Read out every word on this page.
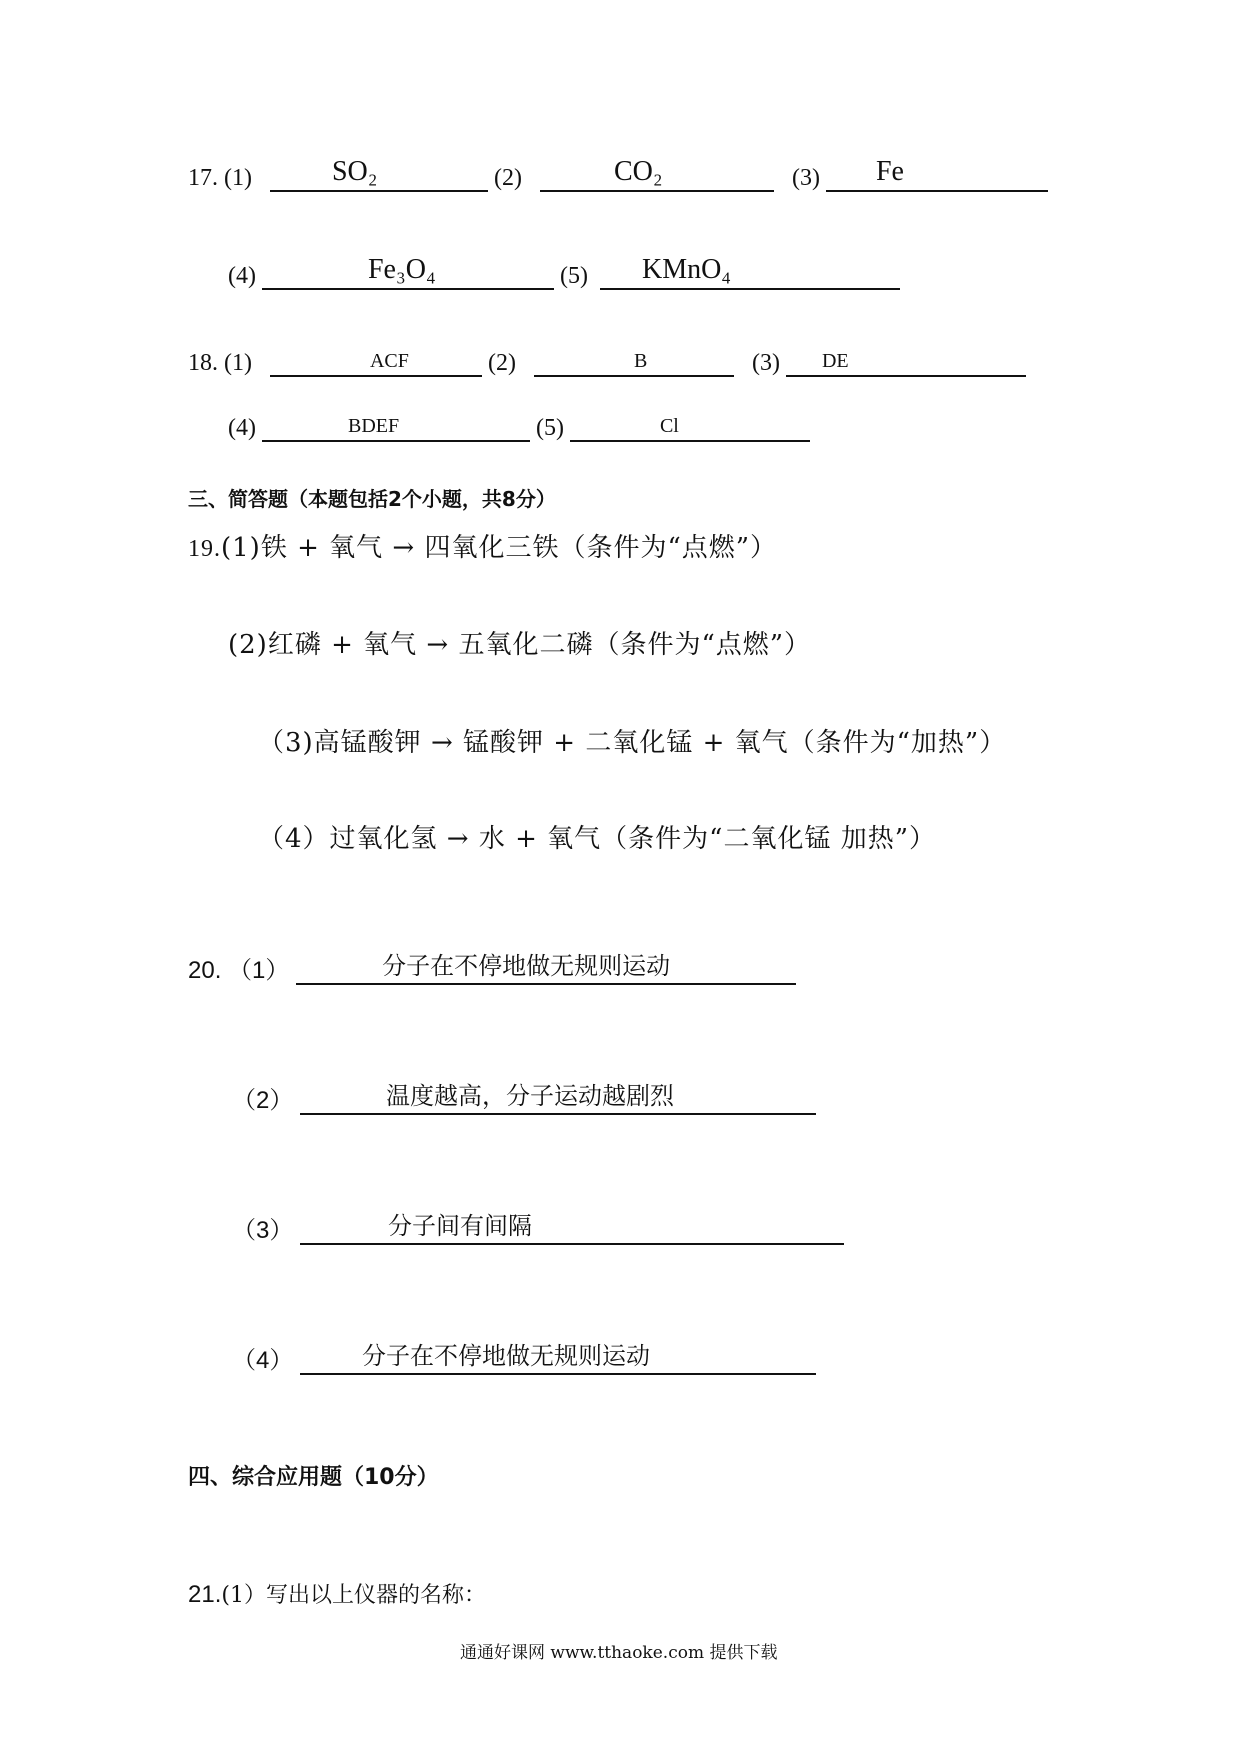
17. (1)	SO₂	(2)	CO₂	(3) Fe
(4)	Fe₃O₄	(5) KMnO₄
18. (1)	ACF	(2)	B	(3) DE
(4)	BDEF	(5)	Cl
三、简答题（本题包括2个小题，共8分）
19.(1)铁 + 氧气 → 四氧化三铁（条件为“点燃”）
(2)红磷 + 氧气 → 五氧化二磷（条件为“点燃”）
（3)高锰酸钾 → 锰酸钾 + 二氧化锰 + 氧气（条件为“加热”）
（4）过氧化氢 → 水 + 氧气（条件为“二氧化锰 加热”）
20. （1）	分子在不停地做无规则运动
（2）	温度越高，分子运动越剧烈
（3）	分子间有间隔
（4）	分子在不停地做无规则运动
四、综合应用题（10分）
21.(1）写出以上仪器的名称：
通通好课网 www.tthaoke.com 提供下载
